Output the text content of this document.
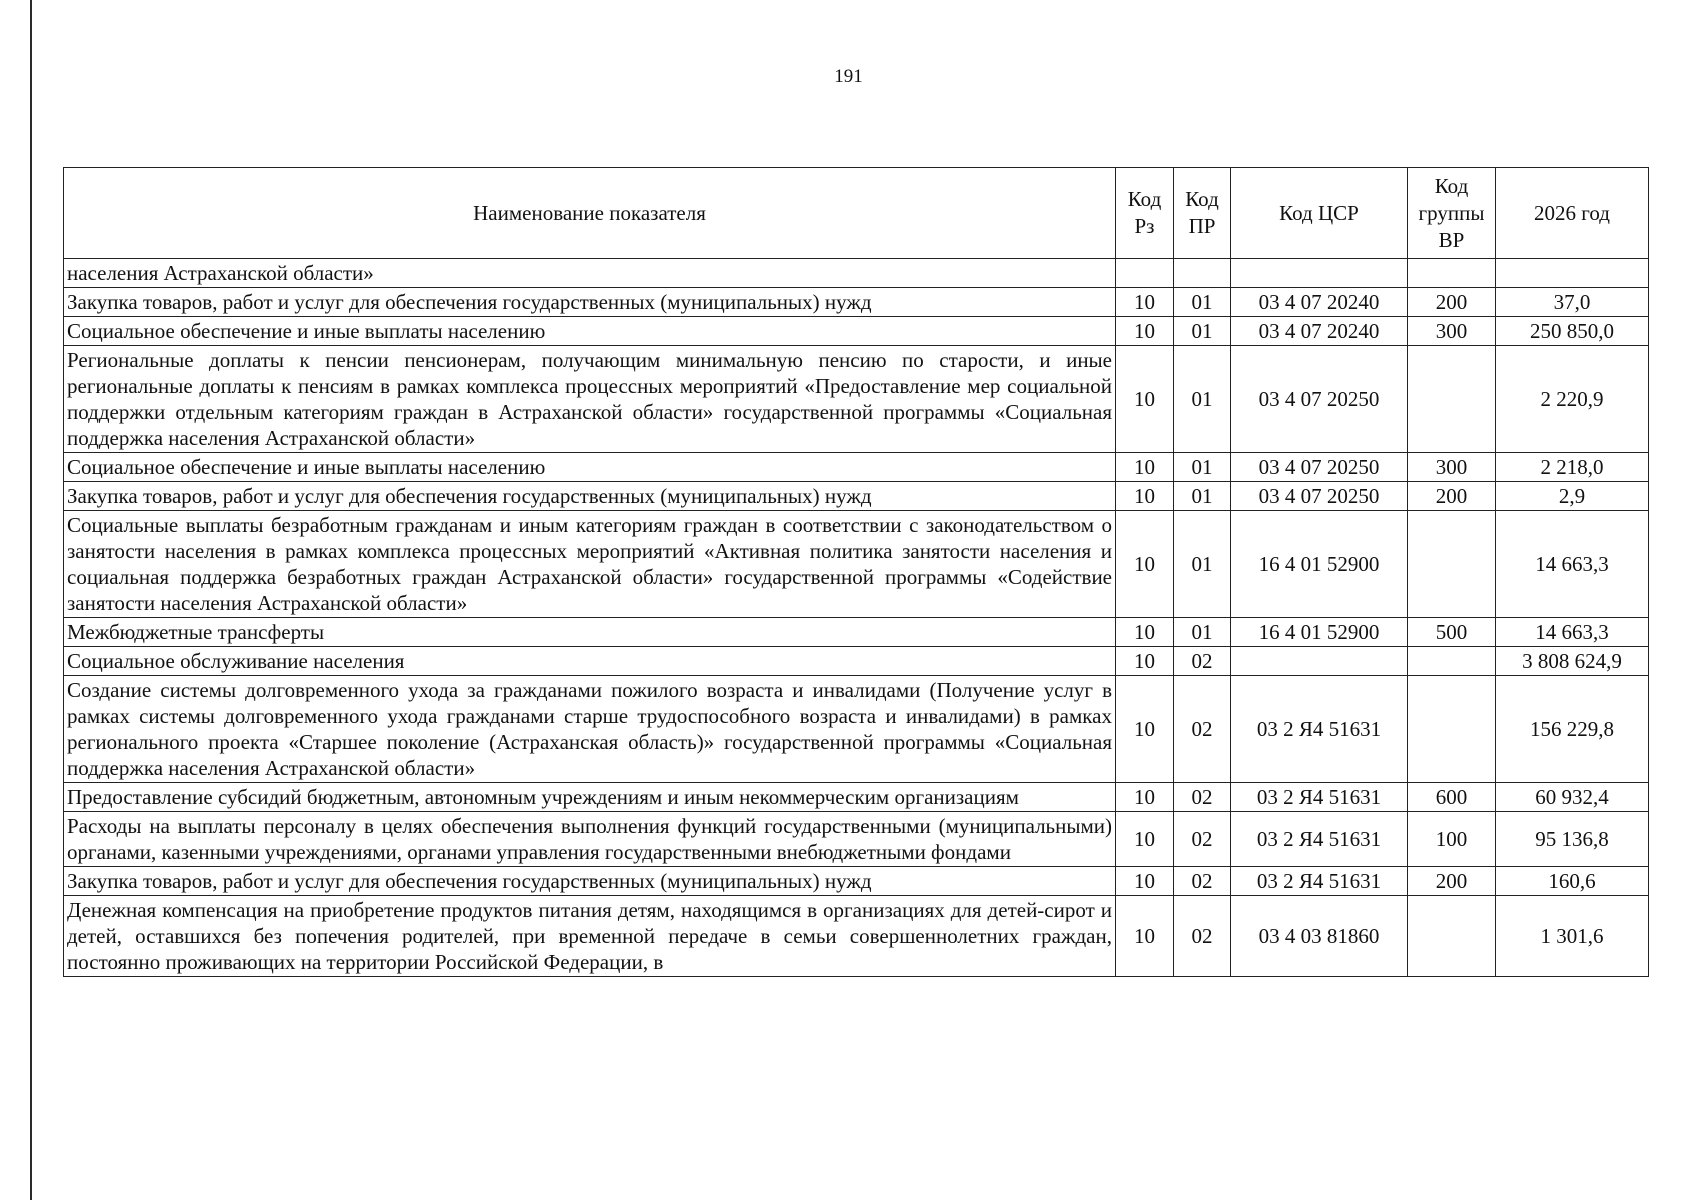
191
Наименование показателя	Код Рз	Код ПР	Код ЦСР	Код группы ВР	2026 год
населения Астраханской области»					
Закупка товаров, работ и услуг для обеспечения государственных (муниципальных) нужд	10	01	03 4 07 20240	200	37,0
Социальное обеспечение и иные выплаты населению	10	01	03 4 07 20240	300	250 850,0
Региональные доплаты к пенсии пенсионерам, получающим минимальную пенсию по старости, и иные региональные доплаты к пенсиям в рамках комплекса процессных мероприятий «Предоставление мер социальной поддержки отдельным категориям граждан в Астраханской области» государственной программы «Социальная поддержка населения Астраханской области»	10	01	03 4 07 20250		2 220,9
Социальное обеспечение и иные выплаты населению	10	01	03 4 07 20250	300	2 218,0
Закупка товаров, работ и услуг для обеспечения государственных (муниципальных) нужд	10	01	03 4 07 20250	200	2,9
Социальные выплаты безработным гражданам и иным категориям граждан в соответствии с законодательством о занятости населения в рамках комплекса процессных мероприятий «Активная политика занятости населения и социальная поддержка безработных граждан Астраханской области» государственной программы «Содействие занятости населения Астраханской области»	10	01	16 4 01 52900		14 663,3
Межбюджетные трансферты	10	01	16 4 01 52900	500	14 663,3
Социальное обслуживание населения	10	02			3 808 624,9
Создание системы долговременного ухода за гражданами пожилого возраста и инвалидами (Получение услуг в рамках системы долговременного ухода гражданами старше трудоспособного возраста и инвалидами) в рамках регионального проекта «Старшее поколение (Астраханская область)» государственной программы «Социальная поддержка населения Астраханской области»	10	02	03 2 Я4 51631		156 229,8
Предоставление субсидий бюджетным, автономным учреждениям и иным некоммерческим организациям	10	02	03 2 Я4 51631	600	60 932,4
Расходы на выплаты персоналу в целях обеспечения выполнения функций государственными (муниципальными) органами, казенными учреждениями, органами управления государственными внебюджетными фондами	10	02	03 2 Я4 51631	100	95 136,8
Закупка товаров, работ и услуг для обеспечения государственных (муниципальных) нужд	10	02	03 2 Я4 51631	200	160,6
Денежная компенсация на приобретение продуктов питания детям, находящимся в организациях для детей-сирот и детей, оставшихся без попечения родителей, при временной передаче в семьи совершеннолетних граждан, постоянно проживающих на территории Российской Федерации, в	10	02	03 4 03 81860		1 301,6
